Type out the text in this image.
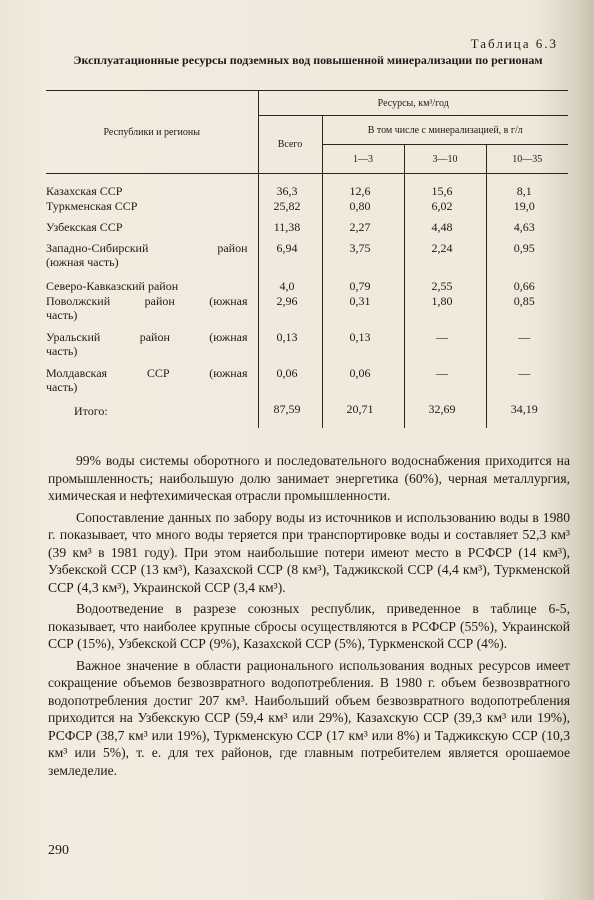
Таблица 6.3
Эксплуатационные ресурсы подземных вод повышенной минерализации по регионам
Республики и регионы	Ресурсы, км³/год			
	Всего	В том числе с минерализацией, в г/л		
		1—3	3—10	10—35
Казахская ССР	36,3	12,6	15,6	8,1
Туркменская ССР	25,82	0,80	6,02	19,0
Узбекская ССР	11,38	2,27	4,48	4,63

Западно-Сибирский район
(южная часть)	6,94	3,75	2,24	0,95
Северо-Кавказский район	4,0	0,79	2,55	0,66

Поволжский район (южная
часть)	2,96	0,31	1,80	0,85

Уральский район (южная
часть)	0,13	0,13	—	—

Молдавская ССР (южная
часть)	0,06	0,06	—	—
Итого:	87,59	20,71	32,69	34,19

99% воды системы оборотного и последовательного водоснабжения приходится на промышленность; наибольшую долю занимает энергетика (60%), черная металлургия, химическая и нефтехимическая отрасли промышленности.

Сопоставление данных по забору воды из источников и использованию воды в 1980 г. показывает, что много воды теряется при транспортировке воды и составляет 52,3 км³ (39 км³ в 1981 году). При этом наибольшие потери имеют место в РСФСР (14 км³), Узбекской ССР (13 км³), Казахской ССР (8 км³), Таджикской ССР (4,4 км³), Туркменской ССР (4,3 км³), Украинской ССР (3,4 км³).

Водоотведение в разрезе союзных республик, приведенное в таблице 6-5, показывает, что наиболее крупные сбросы осуществляются в РСФСР (55%), Украинской ССР (15%), Узбекской ССР (9%), Казахской ССР (5%), Туркменской ССР (4%).

Важное значение в области рационального использования водных ресурсов имеет сокращение объемов безвозвратного водопотребления. В 1980 г. объем безвозвратного водопотребления достиг 207 км³. Наибольший объем безвозвратного водопотребления приходится на Узбекскую ССР (59,4 км³ или 29%), Казахскую ССР (39,3 км³ или 19%), РСФСР (38,7 км³ или 19%), Туркменскую ССР (17 км³ или 8%) и Таджикскую ССР (10,3 км³ или 5%), т. е. для тех районов, где главным потребителем является орошаемое земледелие.

290
